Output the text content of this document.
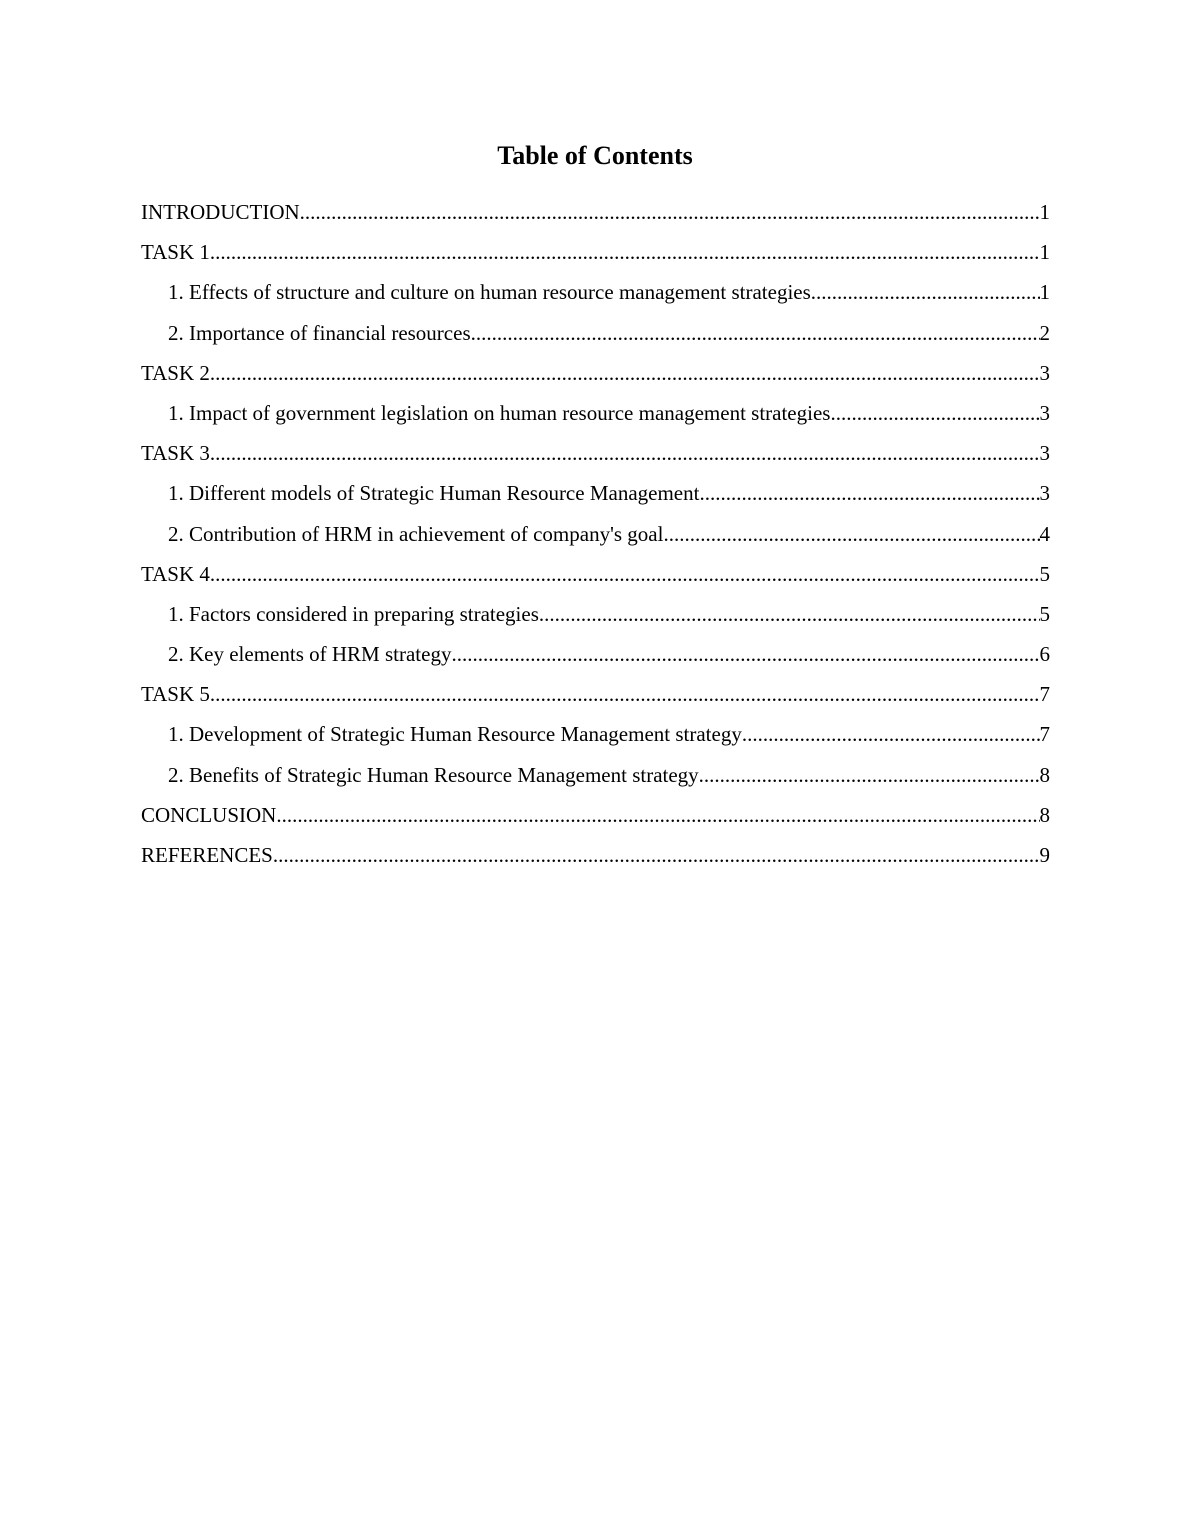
Table of Contents
INTRODUCTION .....	1
TASK 1 .....	1
1. Effects of structure and culture on human resource management strategies .....	1
2. Importance of financial resources .....	2
TASK 2 .....	3
1. Impact of government legislation on human resource management strategies .....	3
TASK 3 .....	3
1. Different models of Strategic Human Resource Management .....	3
2. Contribution of HRM in achievement of company's goal .....	4
TASK 4 .....	5
1. Factors considered in preparing strategies .....	5
2. Key elements of HRM strategy .....	6
TASK 5 .....	7
1. Development of Strategic Human Resource Management strategy .....	7
2. Benefits of Strategic Human Resource Management strategy .....	8
CONCLUSION .....	8
REFERENCES .....	9
